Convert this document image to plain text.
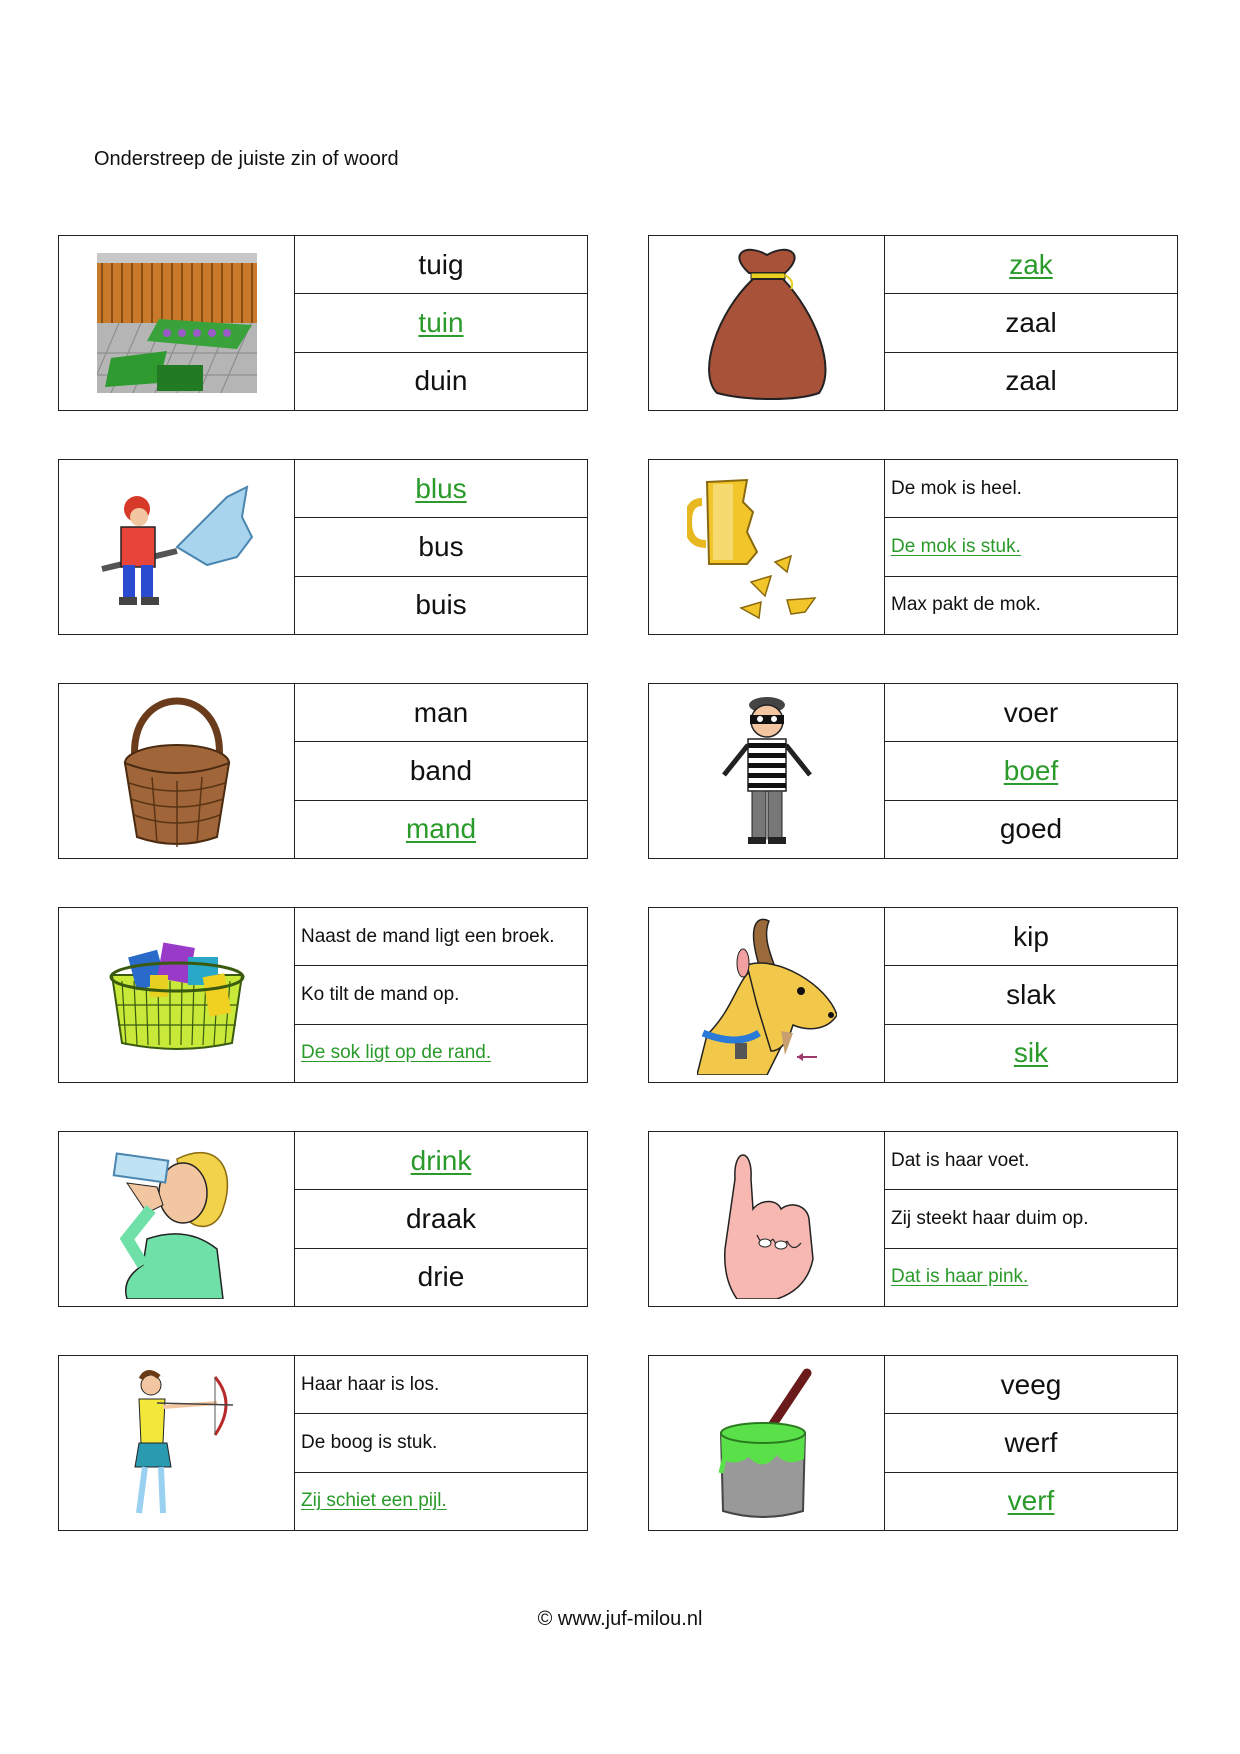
Onderstreep de juiste zin of woord
tuig
tuin
duin
zak
zaal
zaal
blus
bus
buis
De mok is heel.
De mok is stuk.
Max pakt de mok.
man
band
mand
voer
boef
goed
Naast de mand ligt een broek.
Ko tilt de mand op.
De sok ligt op de rand.
kip
slak
sik
drink
draak
drie
Dat is haar voet.
Zij steekt haar duim op.
Dat is haar pink.
Haar haar is los.
De boog is stuk.
Zij schiet een pijl.
veeg
werf
verf
© www.juf-milou.nl
